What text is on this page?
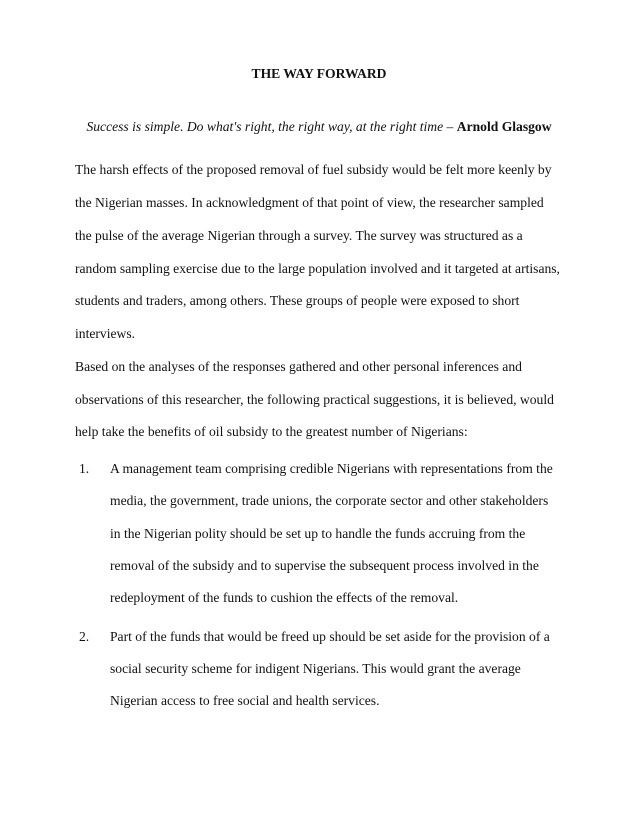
THE WAY FORWARD
Success is simple. Do what's right, the right way, at the right time – Arnold Glasgow
The harsh effects of the proposed removal of fuel subsidy would be felt more keenly by
the Nigerian masses. In acknowledgment of that point of view, the researcher sampled
the pulse of the average Nigerian through a survey. The survey was structured as a
random sampling exercise due to the large population involved and it targeted at artisans,
students and traders, among others. These groups of people were exposed to short
interviews.
Based on the analyses of the responses gathered and other personal inferences and
observations of this researcher, the following practical suggestions, it is believed, would
help take the benefits of oil subsidy to the greatest number of Nigerians:
1. A management team comprising credible Nigerians with representations from the
media, the government, trade unions, the corporate sector and other stakeholders
in the Nigerian polity should be set up to handle the funds accruing from the
removal of the subsidy and to supervise the subsequent process involved in the
redeployment of the funds to cushion the effects of the removal.
2. Part of the funds that would be freed up should be set aside for the provision of a
social security scheme for indigent Nigerians. This would grant the average
Nigerian access to free social and health services.
